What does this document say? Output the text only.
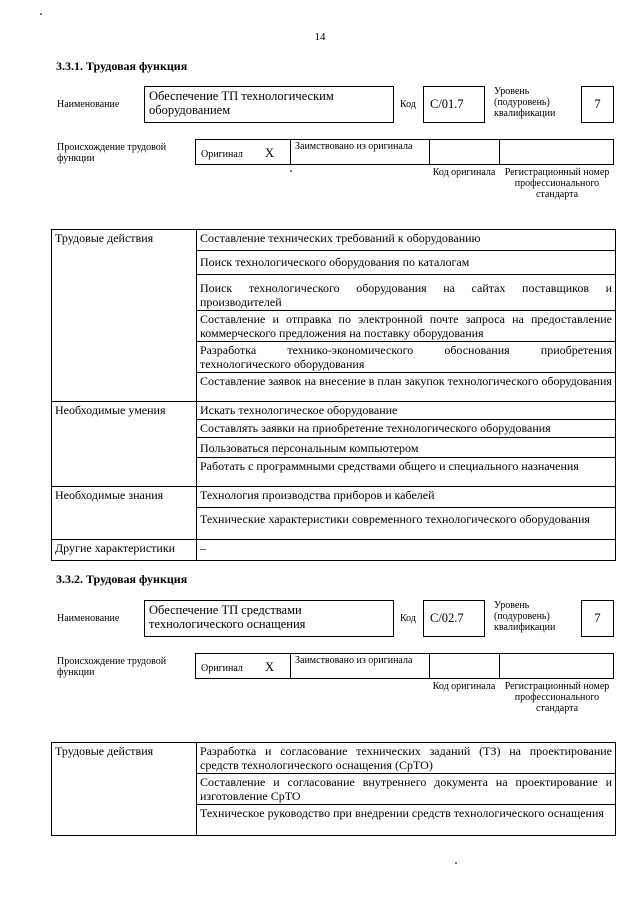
14
3.3.1. Трудовая функция
Наименование
Обеспечение ТП технологическим оборудованием	Код	C/01.7
Уровень (подуровень) квалификации
7
Происхождение трудовой функции	Оригинал X Заимствовано из оригинала
Код оригинала Регистрационный номер профессионального стандарта
Трудовые действия	Составление технических требований к оборудованию
	Поиск технологического оборудования по каталогам
	Поиск технологического оборудования на сайтах поставщиков и производителей
	Составление и отправка по электронной почте запроса на предоставление коммерческого предложения на поставку оборудования
	Разработка технико-экономического обоснования приобретения технологического оборудования
	Составление заявок на внесение в план закупок технологического оборудования
Необходимые умения	Искать технологическое оборудование
	Составлять заявки на приобретение технологического оборудования
	Пользоваться персональным компьютером
	Работать с программными средствами общего и специального назначения
Необходимые знания	Технология производства приборов и кабелей
	Технические характеристики современного технологического оборудования
Другие характеристики	–
3.3.2. Трудовая функция
Наименование
Обеспечение ТП средствами технологического оснащения	Код	C/02.7
Уровень (подуровень) квалификации
7
Происхождение трудовой функции	Оригинал X Заимствовано из оригинала
Код оригинала Регистрационный номер профессионального стандарта
Трудовые действия	Разработка и согласование технических заданий (ТЗ) на проектирование средств технологического оснащения (СрТО)
Составление и согласование внутреннего документа на проектирование и изготовление СрТО
Техническое руководство при внедрении средств технологического оснащения
